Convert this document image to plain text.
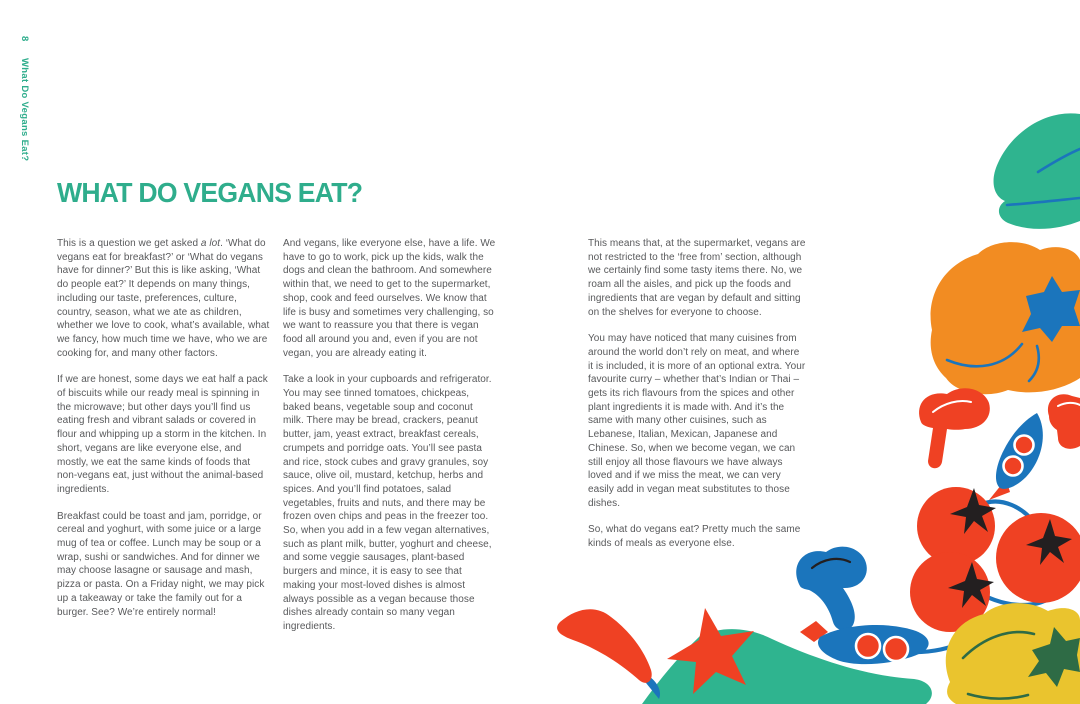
8
What Do Vegans Eat?
WHAT DO VEGANS EAT?

This is a question we get asked a lot. ‘What do vegans eat for breakfast?’ or ‘What do vegans have for dinner?’ But this is like asking, ‘What do people eat?’ It depends on many things, including our taste, preferences, culture, country, season, what we ate as children, whether we love to cook, what’s available, what we fancy, how much time we have, who we are cooking for, and many other factors.

If we are honest, some days we eat half a pack of biscuits while our ready meal is spinning in the microwave; but other days you’ll find us eating fresh and vibrant salads or covered in flour and whipping up a storm in the kitchen. In short, vegans are like everyone else, and mostly, we eat the same kinds of foods that non-vegans eat, just without the animal-based ingredients.

Breakfast could be toast and jam, porridge, or cereal and yoghurt, with some juice or a large mug of tea or coffee. Lunch may be soup or a wrap, sushi or sandwiches. And for dinner we may choose lasagne or sausage and mash, pizza or pasta. On a Friday night, we may pick up a takeaway or take the family out for a burger. See? We’re entirely normal!

And vegans, like everyone else, have a life. We have to go to work, pick up the kids, walk the dogs and clean the bathroom. And somewhere within that, we need to get to the supermarket, shop, cook and feed ourselves. We know that life is busy and sometimes very challenging, so we want to reassure you that there is vegan food all around you and, even if you are not vegan, you are already eating it.

Take a look in your cupboards and refrigerator. You may see tinned tomatoes, chickpeas, baked beans, vegetable soup and coconut milk. There may be bread, crackers, peanut butter, jam, yeast extract, breakfast cereals, crumpets and porridge oats. You’ll see pasta and rice, stock cubes and gravy granules, soy sauce, olive oil, mustard, ketchup, herbs and spices. And you’ll find potatoes, salad vegetables, fruits and nuts, and there may be frozen oven chips and peas in the freezer too. So, when you add in a few vegan alternatives, such as plant milk, butter, yoghurt and cheese, and some veggie sausages, plant-based burgers and mince, it is easy to see that making your most-loved dishes is almost always possible as a vegan because those dishes already contain so many vegan ingredients.

This means that, at the supermarket, vegans are not restricted to the ‘free from’ section, although we certainly find some tasty items there. No, we roam all the aisles, and pick up the foods and ingredients that are vegan by default and sitting on the shelves for everyone to choose.

You may have noticed that many cuisines from around the world don’t rely on meat, and where it is included, it is more of an optional extra. Your favourite curry – whether that’s Indian or Thai – gets its rich flavours from the spices and other plant ingredients it is made with. And it’s the same with many other cuisines, such as Lebanese, Italian, Mexican, Japanese and Chinese. So, when we become vegan, we can still enjoy all those flavours we have always loved and if we miss the meat, we can very easily add in vegan meat substitutes to those dishes.

So, what do vegans eat? Pretty much the same kinds of meals as everyone else.
